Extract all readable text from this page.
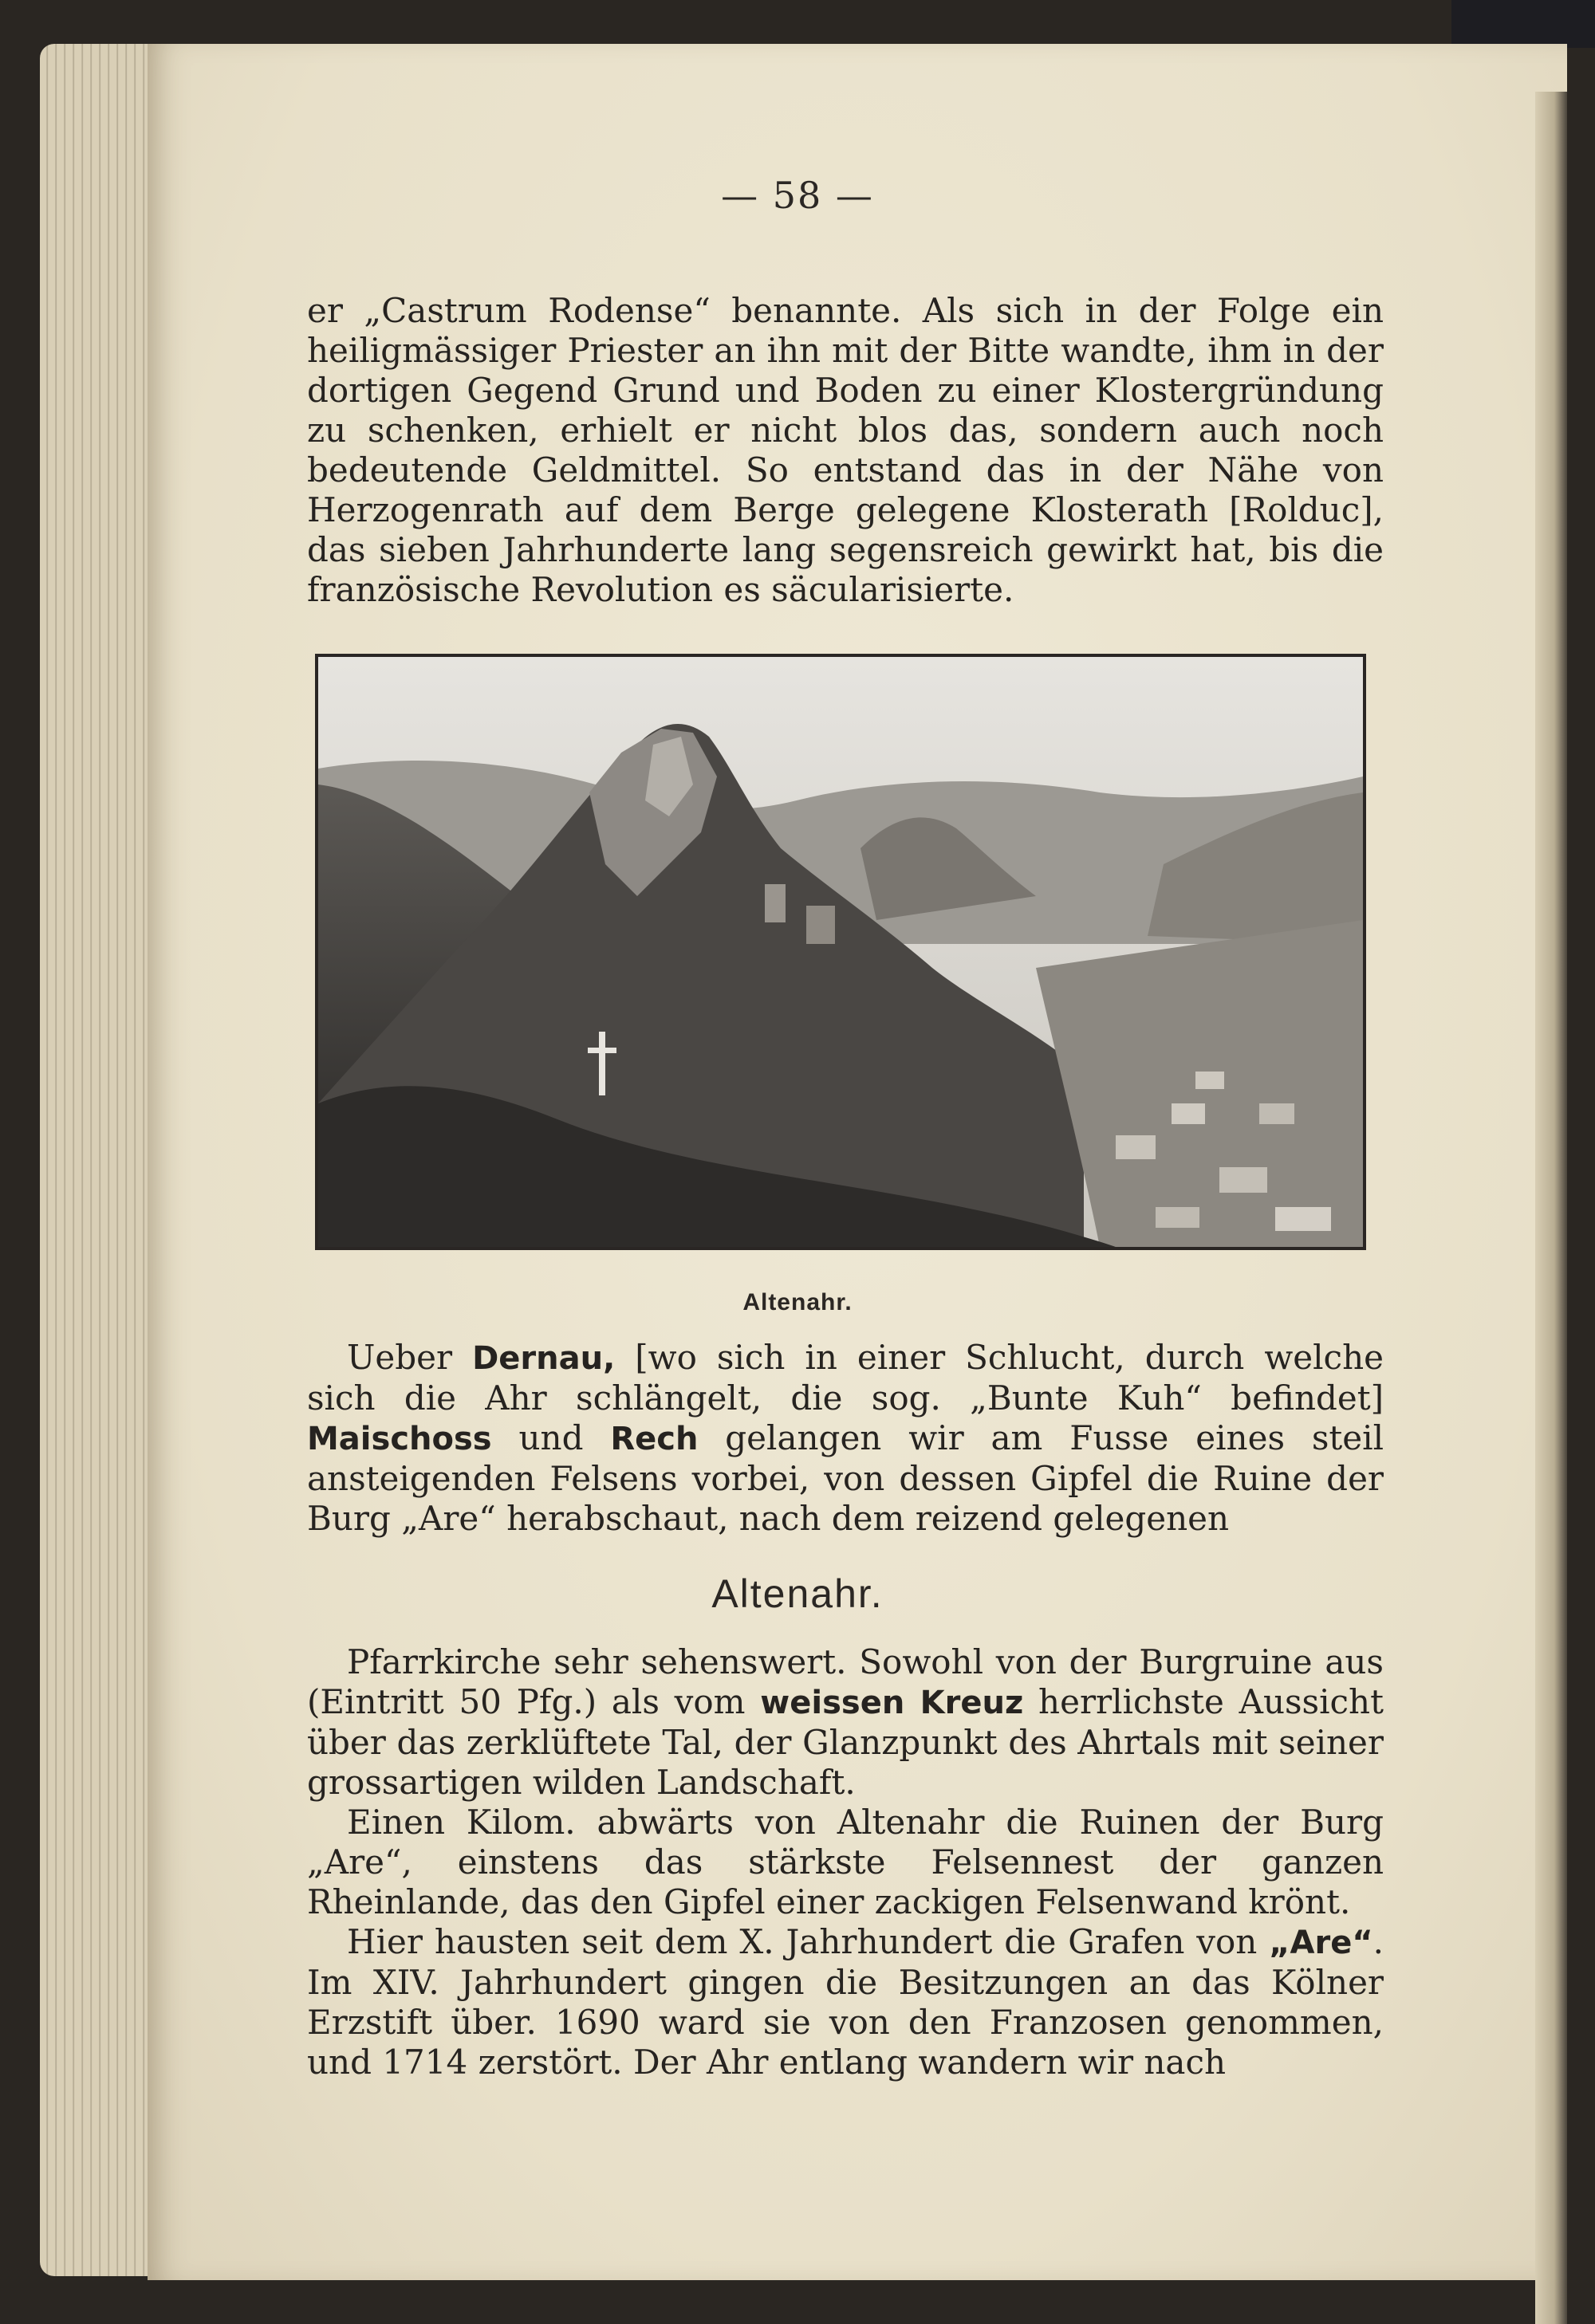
— 58 —

er „Castrum Rodense“ benannte. Als sich in der Folge ein heiligmässiger Priester an ihn mit der Bitte wandte, ihm in der dortigen Gegend Grund und Boden zu einer Klostergründung zu schenken, erhielt er nicht blos das, sondern auch noch bedeutende Geldmittel. So entstand das in der Nähe von Herzogenrath auf dem Berge gelegene Klosterath [Rolduc], das sieben Jahrhunderte lang segensreich gewirkt hat, bis die französische Revolution es säcularisierte.

Altenahr.

Ueber Dernau, [wo sich in einer Schlucht, durch welche sich die Ahr schlängelt, die sog. „Bunte Kuh“ befindet] Maischoss und Rech gelangen wir am Fusse eines steil ansteigenden Felsens vorbei, von dessen Gipfel die Ruine der Burg „Are“ herabschaut, nach dem reizend gelegenen

Altenahr.

Pfarrkirche sehr sehenswert. Sowohl von der Burgruine aus (Eintritt 50 Pfg.) als vom weissen Kreuz herrlichste Aussicht über das zerklüftete Tal, der Glanzpunkt des Ahrtals mit seiner grossartigen wilden Landschaft.

Einen Kilom. abwärts von Altenahr die Ruinen der Burg „Are“, einstens das stärkste Felsennest der ganzen Rheinlande, das den Gipfel einer zackigen Felsenwand krönt.

Hier hausten seit dem X. Jahrhundert die Grafen von „Are“. Im XIV. Jahrhundert gingen die Besitzungen an das Kölner Erzstift über. 1690 ward sie von den Franzosen genommen, und 1714 zerstört. Der Ahr entlang wandern wir nach
